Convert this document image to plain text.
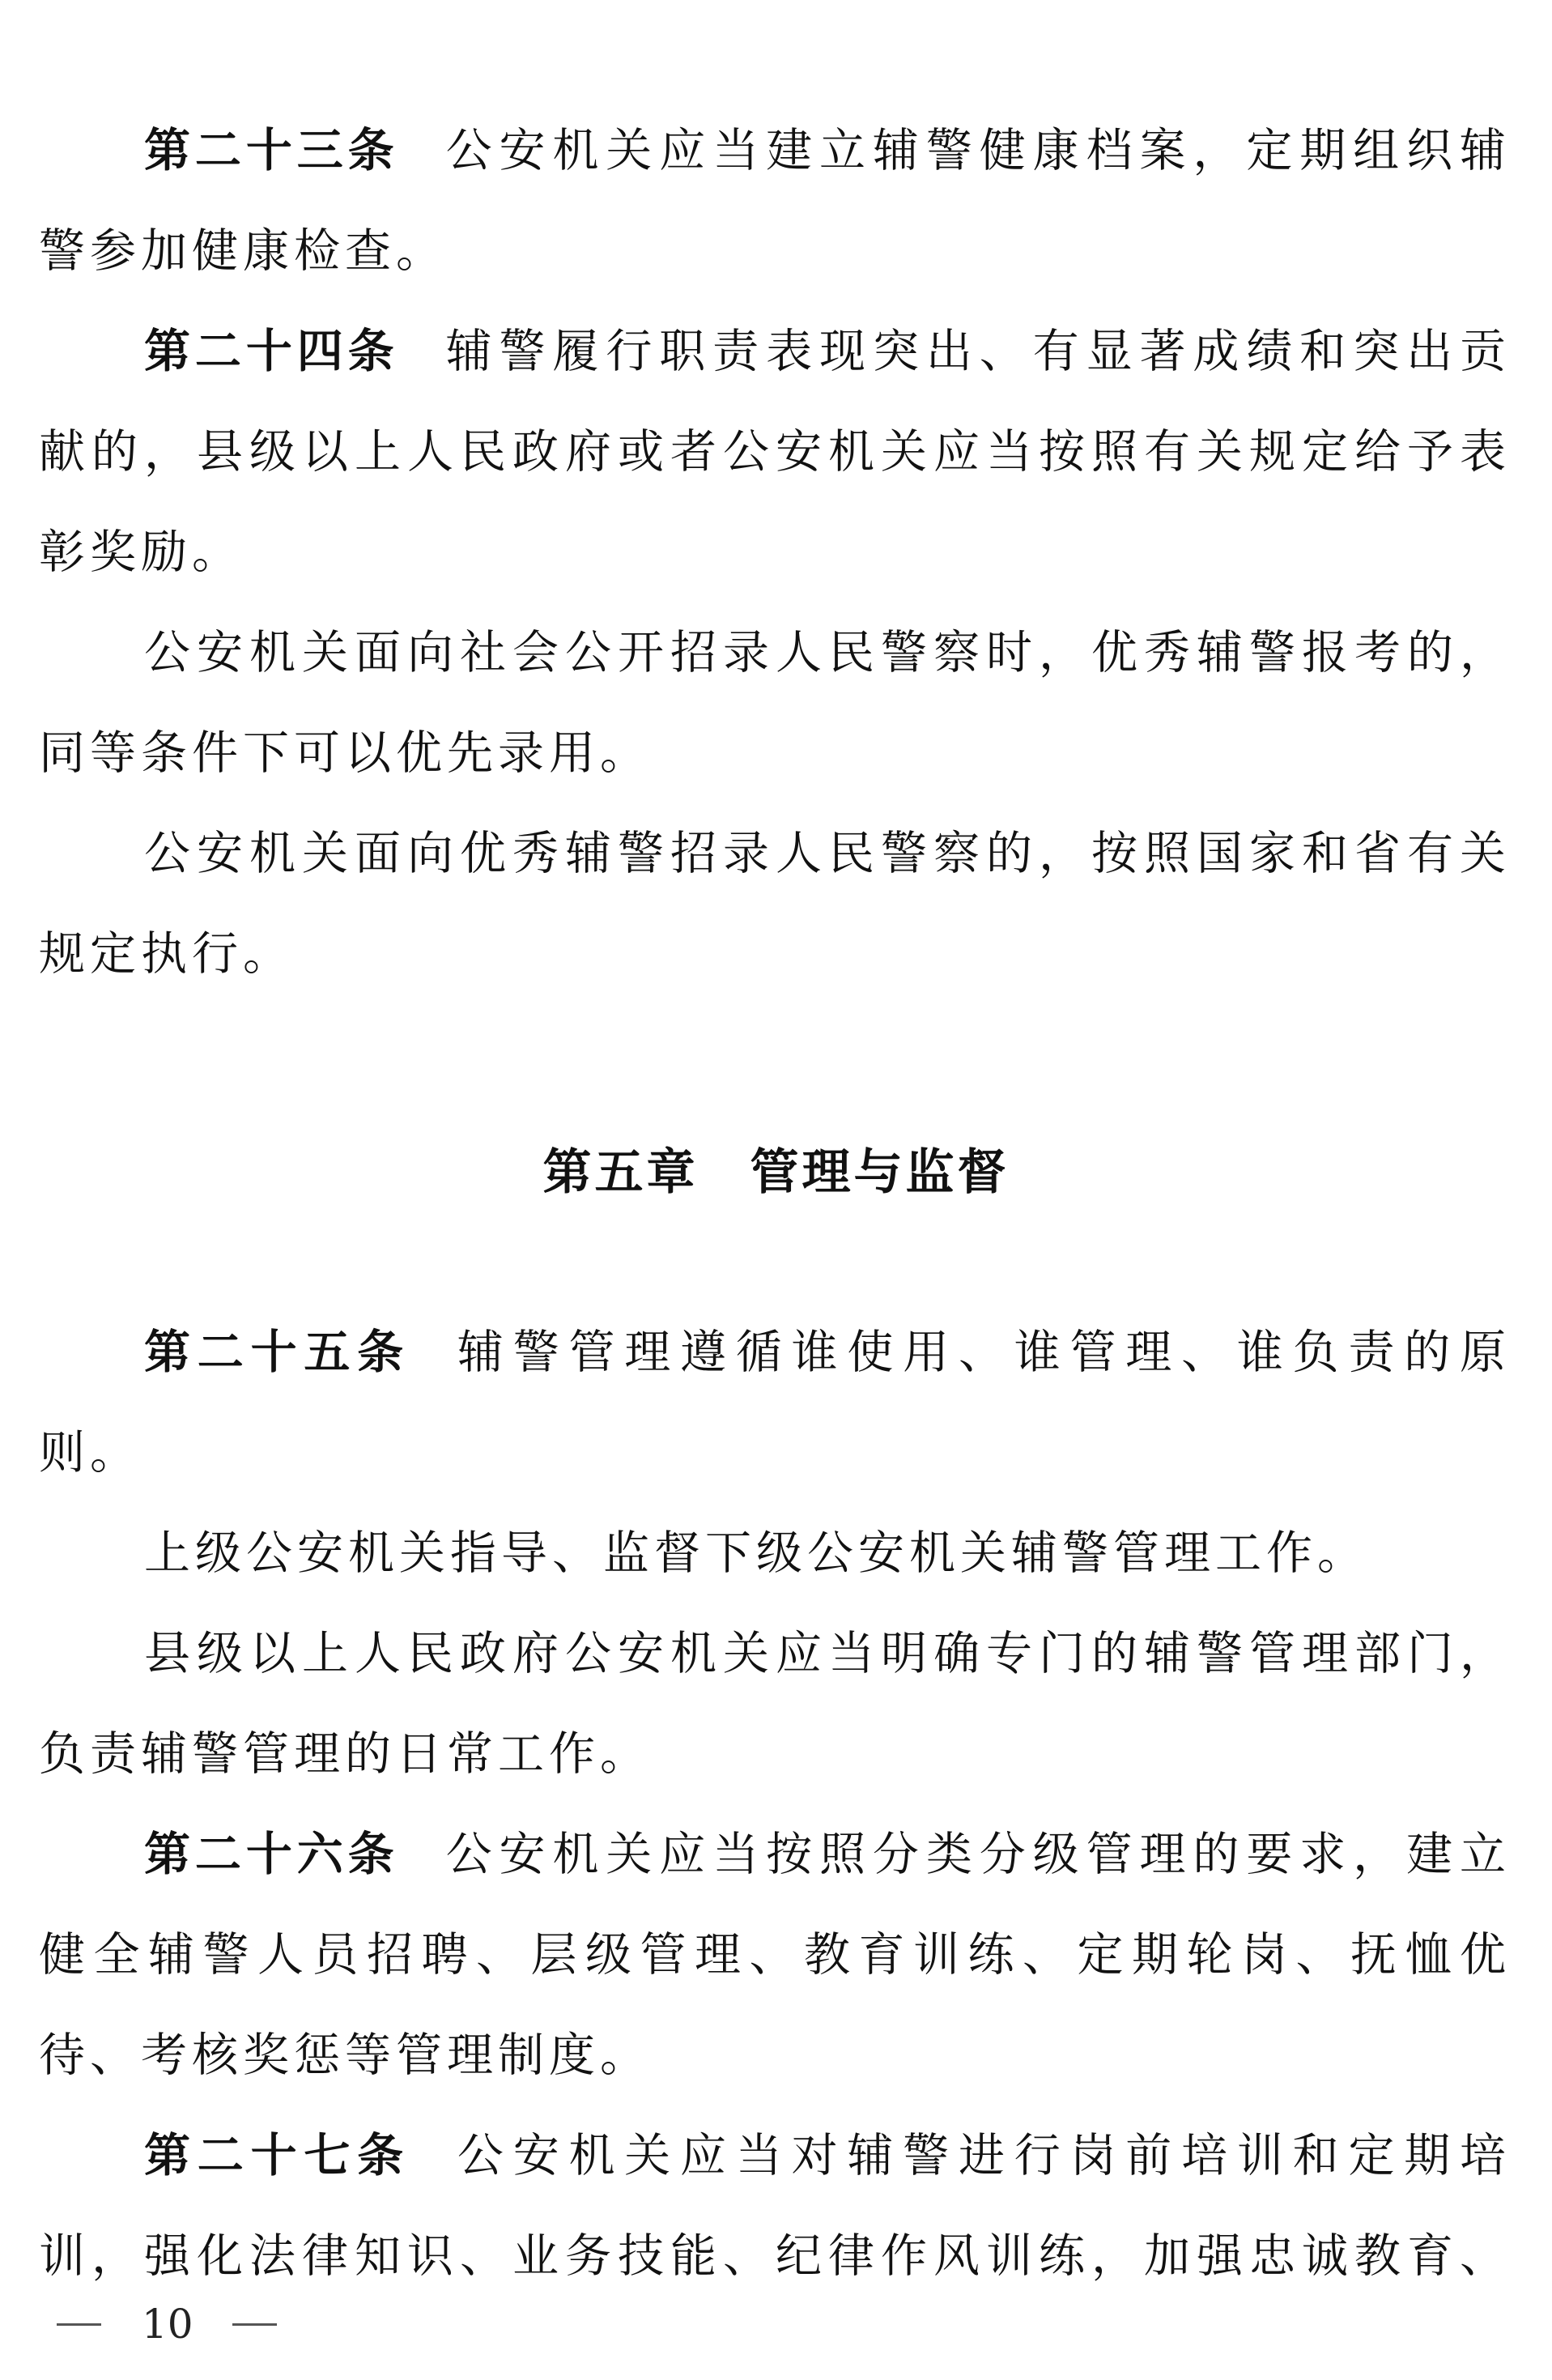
第二十三条 公安机关应当建立辅警健康档案，定期组织辅
警参加健康检查。
第二十四条 辅警履行职责表现突出、有显著成绩和突出贡
献的，县级以上人民政府或者公安机关应当按照有关规定给予表
彰奖励。
公安机关面向社会公开招录人民警察时，优秀辅警报考的，
同等条件下可以优先录用。
公安机关面向优秀辅警招录人民警察的，按照国家和省有关
规定执行。
第五章 管理与监督
第二十五条 辅警管理遵循谁使用、谁管理、谁负责的原
则。
上级公安机关指导、监督下级公安机关辅警管理工作。
县级以上人民政府公安机关应当明确专门的辅警管理部门，
负责辅警管理的日常工作。
第二十六条 公安机关应当按照分类分级管理的要求，建立
健全辅警人员招聘、层级管理、教育训练、定期轮岗、抚恤优
待、考核奖惩等管理制度。
第二十七条 公安机关应当对辅警进行岗前培训和定期培
训，强化法律知识、业务技能、纪律作风训练，加强忠诚教育、
10
